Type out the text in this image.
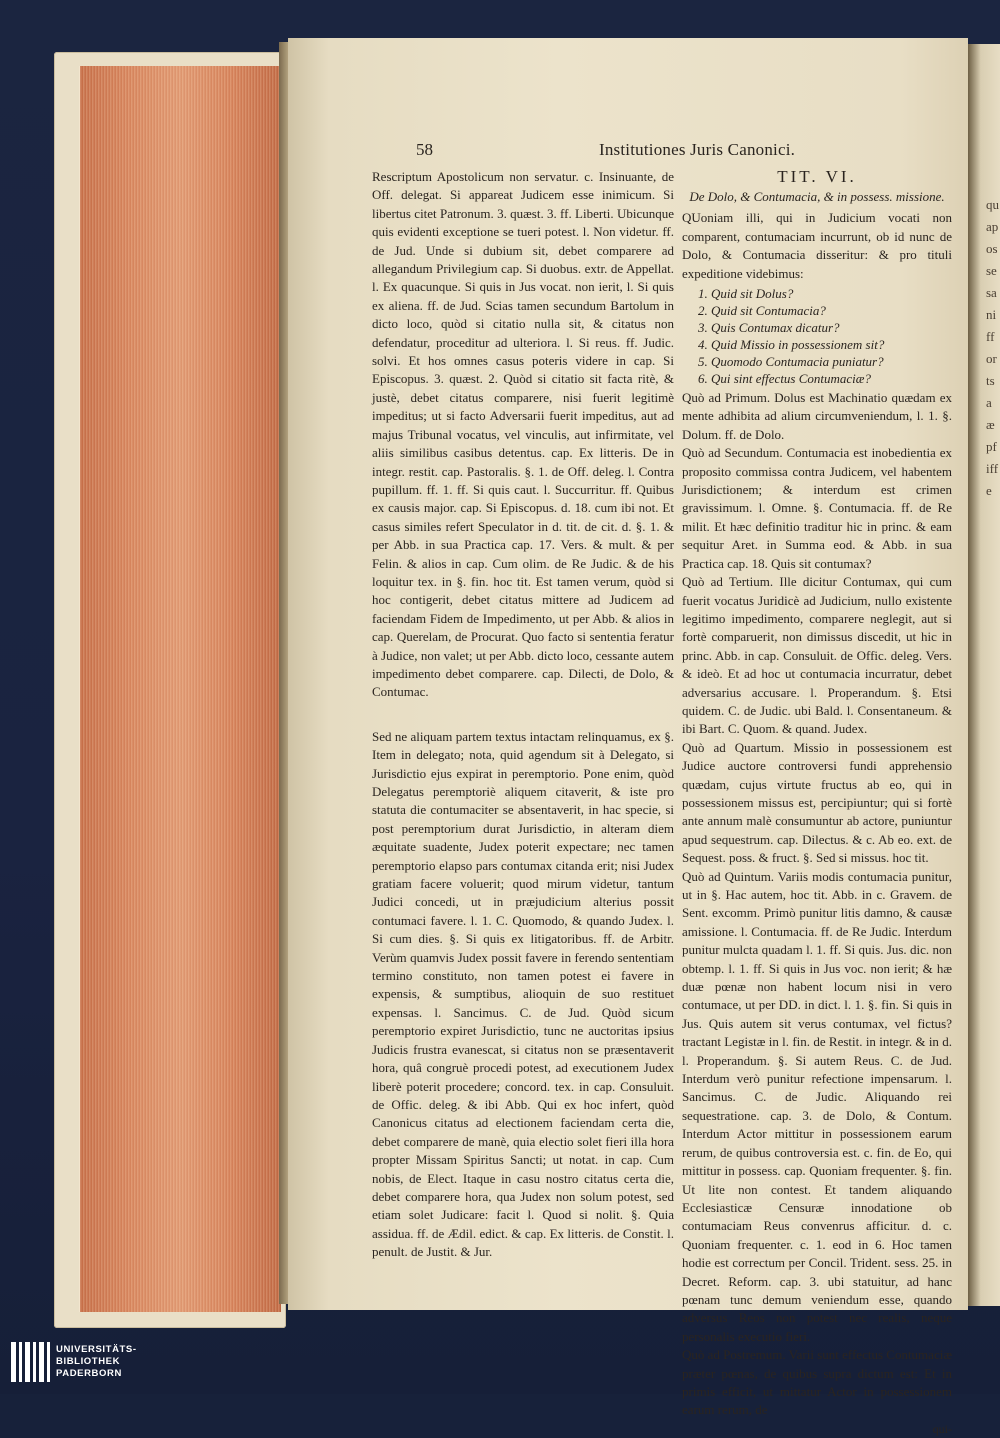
58	Institutiones Juris Canonici.

Rescriptum Apostolicum non servatur. c. Insinuante, de Off. delegat. Si appareat Judicem esse inimicum. Si libertus citet Patronum. 3. quæst. 3. ff. Liberti. Ubicunque quis evidenti exceptione se tueri potest. l. Non videtur. ff. de Jud. Unde si dubium sit, debet comparere ad allegandum Privilegium cap. Si duobus. extr. de Appellat. l. Ex quacunque. Si quis in Jus vocat. non ierit, l. Si quis ex aliena. ff. de Jud. Scias tamen secundum Bartolum in dicto loco, quòd si citatio nulla sit, & citatus non defendatur, proceditur ad ulteriora. l. Si reus. ff. Judic. solvi. Et hos omnes casus poteris videre in cap. Si Episcopus. 3. quæst. 2. Quòd si citatio sit facta ritè, & justè, debet citatus comparere, nisi fuerit legitimè impeditus; ut si facto Adversarii fuerit impeditus, aut ad majus Tribunal vocatus, vel vinculis, aut infirmitate, vel aliis similibus casibus detentus. cap. Ex litteris. De in integr. restit. cap. Pastoralis. §. 1. de Off. deleg. l. Contra pupillum. ff. 1. ff. Si quis caut. l. Succurritur. ff. Quibus ex causis major. cap. Si Episcopus. d. 18. cum ibi not. Et casus similes refert Speculator in d. tit. de cit. d. §. 1. & per Abb. in sua Practica cap. 17. Vers. & mult. & per Felin. & alios in cap. Cum olim. de Re Judic. & de his loquitur tex. in §. fin. hoc tit. Est tamen verum, quòd si hoc contigerit, debet citatus mittere ad Judicem ad faciendam Fidem de Impedimento, ut per Abb. & alios in cap. Querelam, de Procurat. Quo facto si sententia feratur à Judice, non valet; ut per Abb. dicto loco, cessante autem impedimento debet comparere. cap. Dilecti, de Dolo, & Contumac.

Sed ne aliquam partem textus intactam relinquamus, ex §. Item in delegato; nota, quid agendum sit à Delegato, si Jurisdictio ejus expirat in peremptorio. Pone enim, quòd Delegatus peremptoriè aliquem citaverit, & iste pro statuta die contumaciter se absentaverit, in hac specie, si post peremptorium durat Jurisdictio, in alteram diem æquitate suadente, Judex poterit expectare; nec tamen peremptorio elapso pars contumax citanda erit; nisi Judex gratiam facere voluerit; quod mirum videtur, tantum Judici concedi, ut in præjudicium alterius possit contumaci favere. l. 1. C. Quomodo, & quando Judex. l. Si cum dies. §. Si quis ex litigatoribus. ff. de Arbitr. Verùm quamvis Judex possit favere in ferendo sententiam termino constituto, non tamen potest ei favere in expensis, & sumptibus, alioquin de suo restituet expensas. l. Sancimus. C. de Jud. Quòd sicum peremptorio expiret Jurisdictio, tunc ne auctoritas ipsius Judicis frustra evanescat, si citatus non se præsentaverit hora, quâ congruè procedi potest, ad executionem Judex liberè poterit procedere; concord. tex. in cap. Consuluit. de Offic. deleg. & ibi Abb. Qui ex hoc infert, quòd Canonicus citatus ad electionem faciendam certa die, debet comparere de manè, quia electio solet fieri illa hora propter Missam Spiritus Sancti; ut notat. in cap. Cum nobis, de Elect. Itaque in casu nostro citatus certa die, debet comparere hora, qua Judex non solum potest, sed etiam solet Judicare: facit l. Quod si nolit. §. Quia assidua. ff. de Ædil. edict. & cap. Ex litteris. de Constit. l. penult. de Justit. & Jur.

TIT. VI.
De Dolo, & Contumacia, & in possess. missione.

QUoniam illi, qui in Judicium vocati non comparent, contumaciam incurrunt, ob id nunc de Dolo, & Contumacia disseritur: & pro tituli expeditione videbimus:

1. Quid sit Dolus?
2. Quid sit Contumacia?
3. Quis Contumax dicatur?
4. Quid Missio in possessionem sit?
5. Quomodo Contumacia puniatur?
6. Qui sint effectus Contumaciæ?

Quò ad Primum. Dolus est Machinatio quædam ex mente adhibita ad alium circumveniendum, l. 1. §. Dolum. ff. de Dolo.

Quò ad Secundum. Contumacia est inobedientia ex proposito commissa contra Judicem, vel habentem Jurisdictionem; & interdum est crimen gravissimum. l. Omne. §. Contumacia. ff. de Re milit. Et hæc definitio traditur hic in princ. & eam sequitur Aret. in Summa eod. & Abb. in sua Practica cap. 18. Quis sit contumax?

Quò ad Tertium. Ille dicitur Contumax, qui cum fuerit vocatus Juridicè ad Judicium, nullo existente legitimo impedimento, comparere neglegit, aut si fortè comparuerit, non dimissus discedit, ut hic in princ. Abb. in cap. Consuluit. de Offic. deleg. Vers. & ideò. Et ad hoc ut contumacia incurratur, debet adversarius accusare. l. Properandum. §. Etsi quidem. C. de Judic. ubi Bald. l. Consentaneum. & ibi Bart. C. Quom. & quand. Judex.

Quò ad Quartum. Missio in possessionem est Judice auctore controversi fundi apprehensio quædam, cujus virtute fructus ab eo, qui in possessionem missus est, percipiuntur; qui si fortè ante annum malè consumuntur ab actore, puniuntur apud sequestrum. cap. Dilectus. & c. Ab eo. ext. de Sequest. poss. & fruct. §. Sed si missus. hoc tit.

Quò ad Quintum. Variis modis contumacia punitur, ut in §. Hac autem, hoc tit. Abb. in c. Gravem. de Sent. excomm. Primò punitur litis damno, & causæ amissione. l. Contumacia. ff. de Re Judic. Interdum punitur mulcta quadam l. 1. ff. Si quis. Jus. dic. non obtemp. l. 1. ff. Si quis in Jus voc. non ierit; & hæ duæ pœnæ non habent locum nisi in vero contumace, ut per DD. in dict. l. 1. §. fin. Si quis in Jus. Quis autem sit verus contumax, vel fictus? tractant Legistæ in l. fin. de Restit. in integr. & in d. l. Properandum. §. Si autem Reus. C. de Jud. Interdum verò punitur refectione impensarum. l. Sancimus. C. de Judic. Aliquando rei sequestratione. cap. 3. de Dolo, & Contum. Interdum Actor mittitur in possessionem earum rerum, de quibus controversia est. c. fin. de Eo, qui mittitur in possess. cap. Quoniam frequenter. §. fin. Ut lite non contest. Et tandem aliquando Ecclesiasticæ Censuræ innodatione ob contumaciam Reus convenrus afficitur. d. c. Quoniam frequenter. c. 1. eod in 6. Hoc tamen hodie est correctum per Concil. Trident. sess. 25. in Decret. Reform. cap. 3. ubi statuitur, ad hanc pœnam tunc demum veniendum esse, quando adversus Reos non potest nec realis, neque personalis executio fieri.

Quò ad Postremum. Varii sunt effectus Contumaciæ præter pœnas, de quibus supra dictum est: Et in primis efficit, ut mittatur Actor in possessionem earum rerum, de

qui-
quapossesaniffortsaæpfiffe
UNIVERSITÄTS-
BIBLIOTHEK
PADERBORN
